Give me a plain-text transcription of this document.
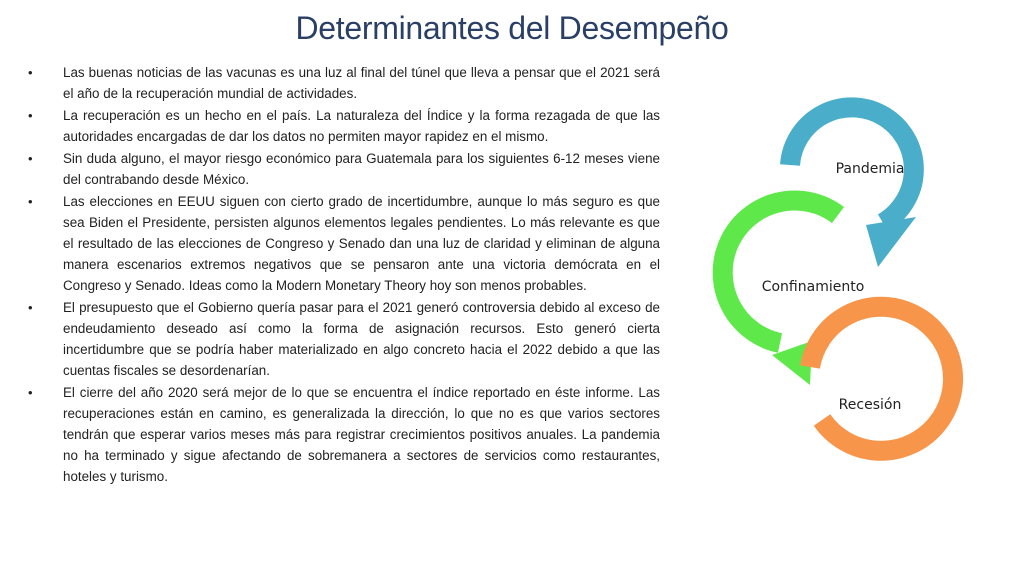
Determinantes del Desempeño
• Las buenas noticias de las vacunas es una luz al final del túnel que lleva a pensar que el 2021 será el año de la recuperación mundial de actividades.
• La recuperación es un hecho en el país. La naturaleza del Índice y la forma rezagada de que las autoridades encargadas de dar los datos no permiten mayor rapidez en el mismo.
• Sin duda alguno, el mayor riesgo económico para Guatemala para los siguientes 6-12 meses viene del contrabando desde México.
• Las elecciones en EEUU siguen con cierto grado de incertidumbre, aunque lo más seguro es que sea Biden el Presidente, persisten algunos elementos legales pendientes. Lo más relevante es que el resultado de las elecciones de Congreso y Senado dan una luz de claridad y eliminan de alguna manera escenarios extremos negativos que se pensaron ante una victoria demócrata en el Congreso y Senado. Ideas como la Modern Monetary Theory hoy son menos probables.
• El presupuesto que el Gobierno quería pasar para el 2021 generó controversia debido al exceso de endeudamiento deseado así como la forma de asignación recursos. Esto generó cierta incertidumbre que se podría haber materializado en algo concreto hacia el 2022 debido a que las cuentas fiscales se desordenarían.
• El cierre del año 2020 será mejor de lo que se encuentra el índice reportado en éste informe. Las recuperaciones están en camino, es generalizada la dirección, lo que no es que varios sectores tendrán que esperar varios meses más para registrar crecimientos positivos anuales. La pandemia no ha terminado y sigue afectando de sobremanera a sectores de servicios como restaurantes, hoteles y turismo.
Pandemia
Confinamiento
Recesión
